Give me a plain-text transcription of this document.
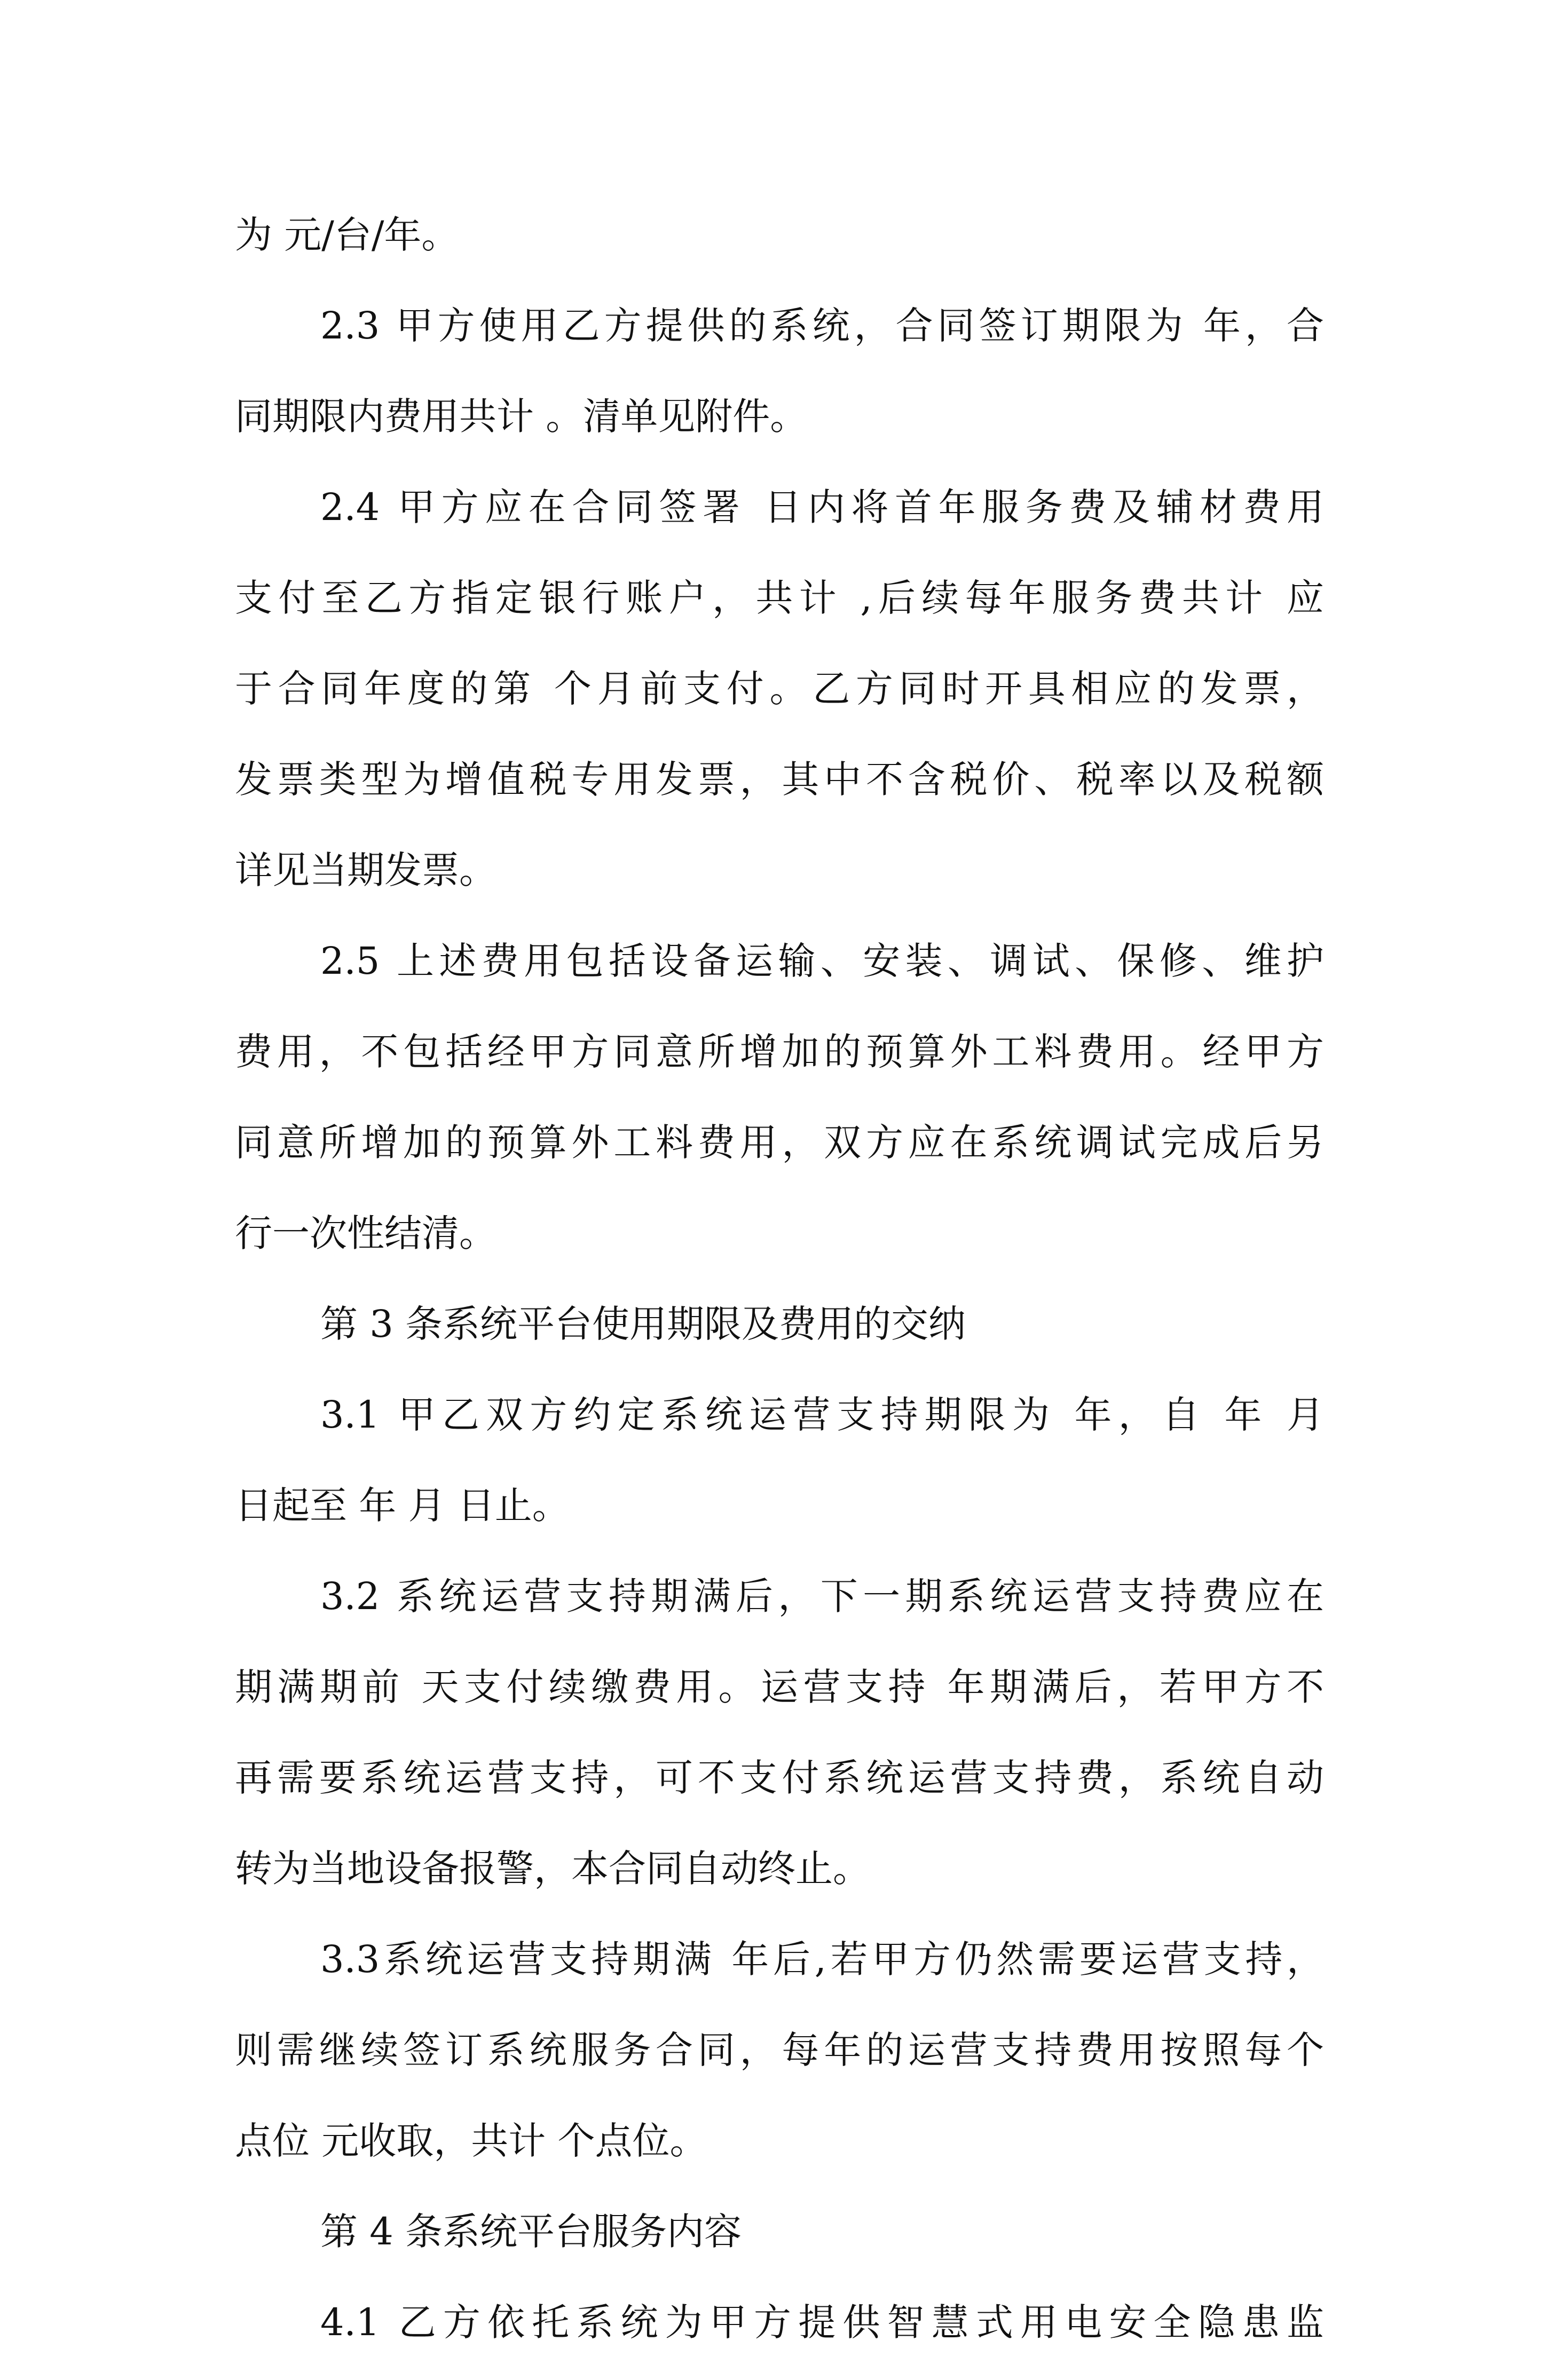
为 元/台/年。
2.3 甲方使用乙方提供的系统，合同签订期限为 年，合
同期限内费用共计 。清单见附件。
2.4 甲方应在合同签署 日内将首年服务费及辅材费用
支付至乙方指定银行账户，共计 ,后续每年服务费共计 应
于合同年度的第 个月前支付。乙方同时开具相应的发票，
发票类型为增值税专用发票，其中不含税价、税率以及税额
详见当期发票。
2.5 上述费用包括设备运输、安装、调试、保修、维护
费用，不包括经甲方同意所增加的预算外工料费用。经甲方
同意所增加的预算外工料费用，双方应在系统调试完成后另
行一次性结清。
第 3 条系统平台使用期限及费用的交纳
3.1 甲乙双方约定系统运营支持期限为 年，自 年 月
日起至 年 月 日止。
3.2 系统运营支持期满后，下一期系统运营支持费应在
期满期前 天支付续缴费用。运营支持 年期满后，若甲方不
再需要系统运营支持，可不支付系统运营支持费，系统自动
转为当地设备报警，本合同自动终止。
3.3系统运营支持期满 年后,若甲方仍然需要运营支持，
则需继续签订系统服务合同，每年的运营支持费用按照每个
点位 元收取，共计 个点位。
第 4 条系统平台服务内容
4.1 乙方依托系统为甲方提供智慧式用电安全隐患监
